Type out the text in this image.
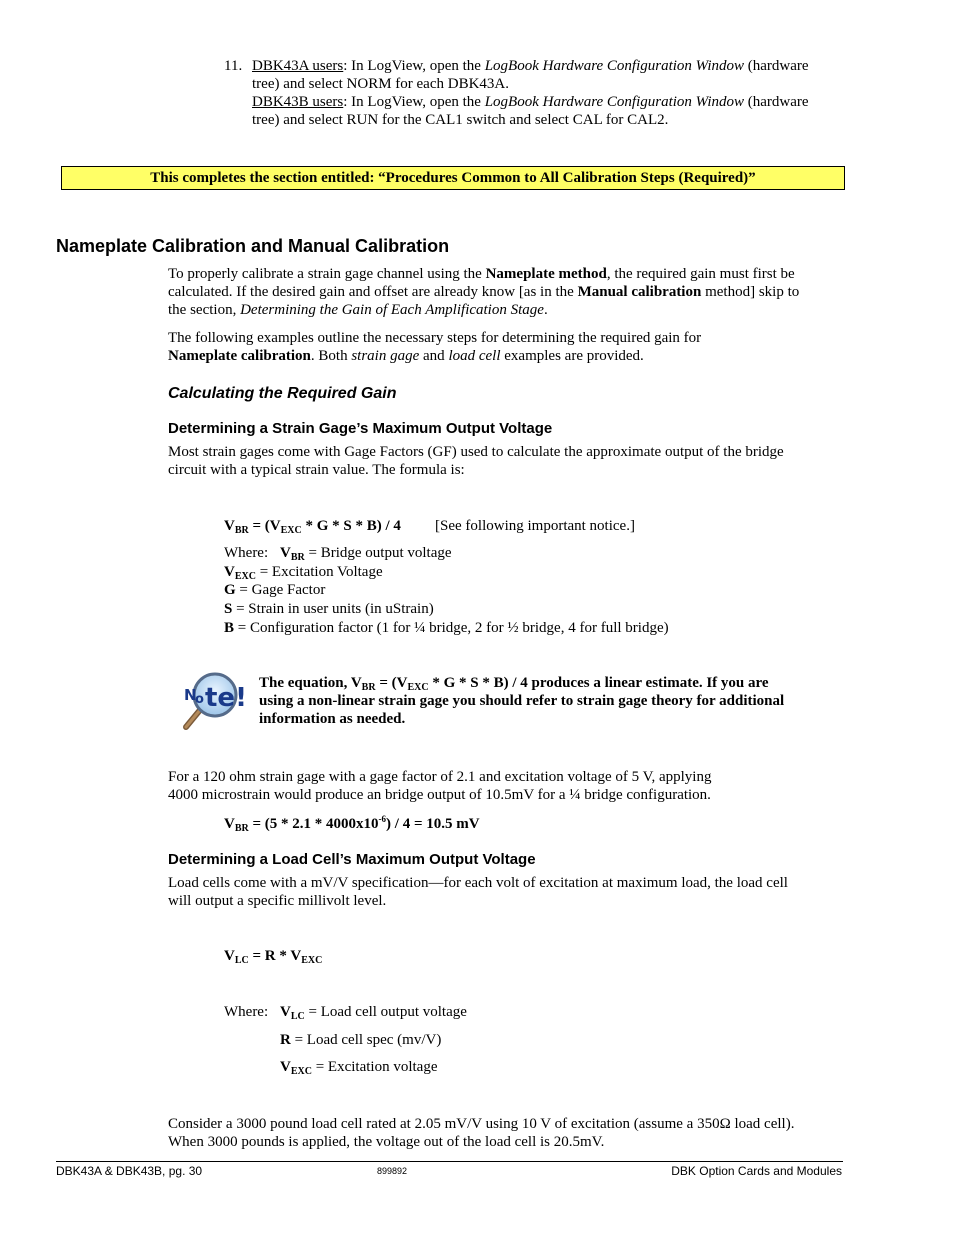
11. DBK43A users: In LogView, open the LogBook Hardware Configuration Window (hardware

tree) and select NORM for each DBK43A.

DBK43B users: In LogView, open the LogBook Hardware Configuration Window (hardware

tree) and select RUN for the CAL1 switch and select CAL for CAL2.

This completes the section entitled: “Procedures Common to All Calibration Steps (Required)”
Nameplate Calibration and Manual Calibration

To properly calibrate a strain gage channel using the Nameplate method, the required gain must first be

calculated. If the desired gain and offset are already know [as in the Manual calibration method] skip to

the section, Determining the Gain of Each Amplification Stage.

The following examples outline the necessary steps for determining the required gain for

Nameplate calibration. Both strain gage and load cell examples are provided.

Calculating the Required Gain
Determining a Strain Gage’s Maximum Output Voltage

Most strain gages come with Gage Factors (GF) used to calculate the approximate output of the bridge

circuit with a typical strain value. The formula is:

$V_{BR} = (V_{EXC} * G * S * B) / 4$ [See following important notice.]
Where: $V_{BR}$ = Bridge output voltage
$V_{EXC}$ = Excitation Voltage
G = Gage Factor
S = Strain in user units (in uStrain)
B = Configuration factor (1 for ¼ bridge, 2 for ½ bridge, 4 for full bridge)
N
o te! The equation, $V_{BR} = (V_{EXC} * G * S * B) / 4$ produces a linear estimate. If you are

using a non-linear strain gage you should refer to strain gage theory for additional

information as needed.

For a 120 ohm strain gage with a gage factor of 2.1 and excitation voltage of 5 V, applying

4000 microstrain would produce an bridge output of 10.5mV for a ¼ bridge configuration.

$V_{BR} = (5 * 2.1 * 4000x10^{-6}) / 4 = 10.5$ mV
Determining a Load Cell’s Maximum Output Voltage

Load cells come with a mV/V specification—for each volt of excitation at maximum load, the load cell

will output a specific millivolt level.

$V_{LC} = R * V_{EXC}$
Where: $V_{LC}$ = Load cell output voltage
R = Load cell spec (mv/V)
$V_{EXC}$ = Excitation voltage

Consider a 3000 pound load cell rated at 2.05 mV/V using 10 V of excitation (assume a 350Ω load cell).

When 3000 pounds is applied, the voltage out of the load cell is 20.5mV.

DBK43A & DBK43B, pg. 30	899892	DBK Option Cards and Modules
